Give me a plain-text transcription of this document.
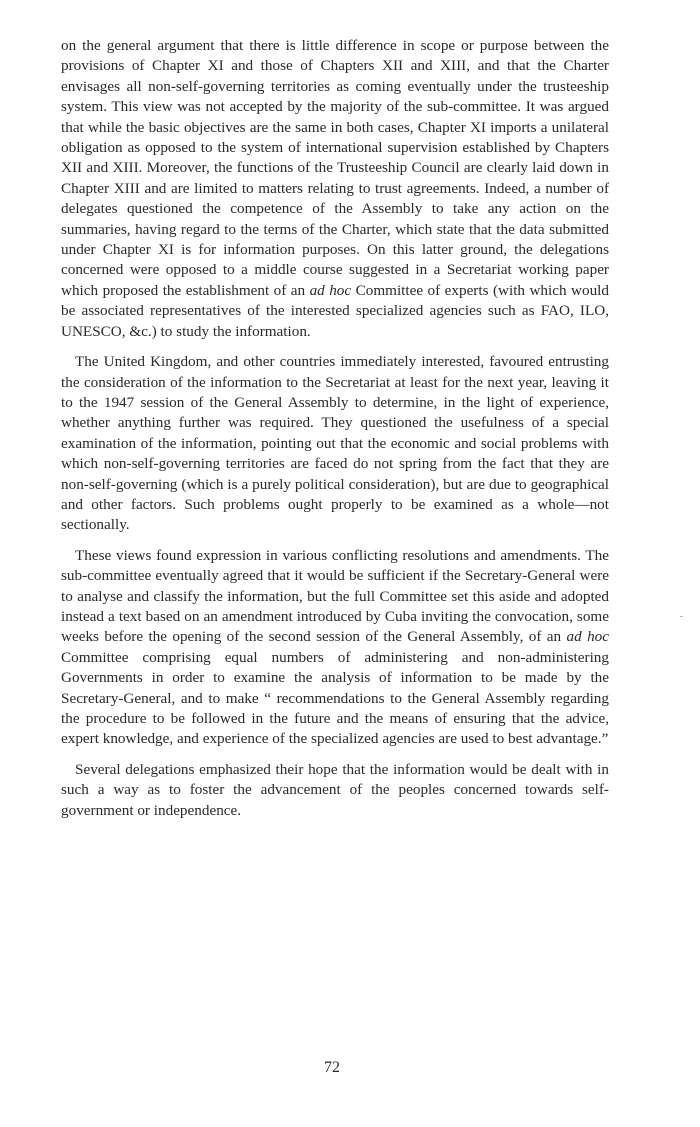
on the general argument that there is little difference in scope or purpose between the provisions of Chapter XI and those of Chapters XII and XIII, and that the Charter envisages all non-self-governing territories as coming eventually under the trusteeship system. This view was not accepted by the majority of the sub-committee. It was argued that while the basic objectives are the same in both cases, Chapter XI imports a unilateral obligation as opposed to the system of international supervision established by Chapters XII and XIII. Moreover, the functions of the Trusteeship Council are clearly laid down in Chapter XIII and are limited to matters relating to trust agreements. Indeed, a number of delegates questioned the competence of the Assembly to take any action on the summaries, having regard to the terms of the Charter, which state that the data submitted under Chapter XI is for information purposes. On this latter ground, the delegations concerned were opposed to a middle course suggested in a Secretariat working paper which proposed the establishment of an ad hoc Committee of experts (with which would be associated representatives of the interested specialized agencies such as FAO, ILO, UNESCO, &c.) to study the information.

The United Kingdom, and other countries immediately interested, favoured entrusting the consideration of the information to the Secretariat at least for the next year, leaving it to the 1947 session of the General Assembly to determine, in the light of experience, whether anything further was required. They questioned the usefulness of a special examination of the information, pointing out that the economic and social problems with which non-self-governing territories are faced do not spring from the fact that they are non-self-governing (which is a purely political consideration), but are due to geographical and other factors. Such problems ought properly to be examined as a whole—not sectionally.

These views found expression in various conflicting resolutions and amendments. The sub-committee eventually agreed that it would be sufficient if the Secretary-General were to analyse and classify the information, but the full Committee set this aside and adopted instead a text based on an amendment introduced by Cuba inviting the convocation, some weeks before the opening of the second session of the General Assembly, of an ad hoc Committee comprising equal numbers of administering and non-administering Governments in order to examine the analysis of information to be made by the Secretary-General, and to make “ recommendations to the General Assembly regarding the procedure to be followed in the future and the means of ensuring that the advice, expert knowledge, and experience of the specialized agencies are used to best advantage.”

Several delegations emphasized their hope that the information would be dealt with in such a way as to foster the advancement of the peoples concerned towards self-government or independence.

72
